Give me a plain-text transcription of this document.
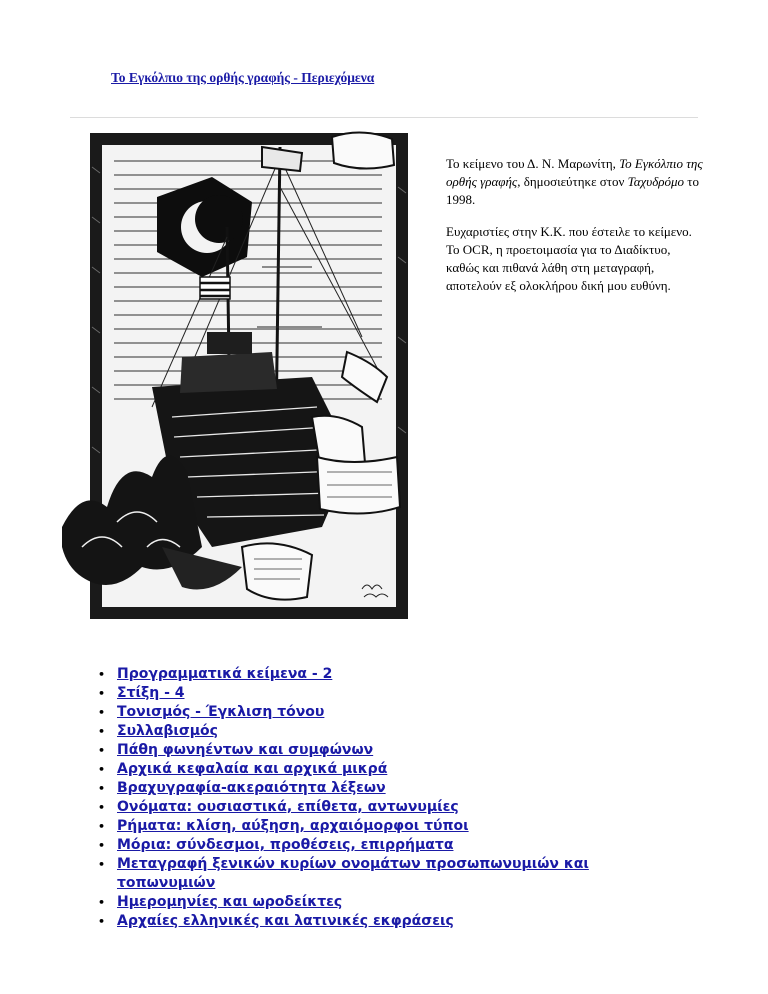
Το Εγκόλπιο της ορθής γραφής - Περιεχόμενα

Το κείμενο του Δ. Ν. Μαρωνίτη, Το Εγκόλπιο της ορθής γραφής, δημοσιεύτηκε στον Ταχυδρόμο το 1998.

Ευχαριστίες στην Κ.Κ. που έστειλε το κείμενο. Το OCR, η προετοιμασία για το Διαδίκτυο, καθώς και πιθανά λάθη στη μεταγραφή, αποτελούν εξ ολοκλήρου δική μου ευθύνη.

• Προγραμματικά κείμενα - 2
• Στίξη - 4
• Τονισμός - Έγκλιση τόνου
• Συλλαβισμός
• Πάθη φωνηέντων και συμφώνων
• Αρχικά κεφαλαία και αρχικά μικρά
• Βραχυγραφία-ακεραιότητα λέξεων
• Ονόματα: ουσιαστικά, επίθετα, αντωνυμίες
• Ρήματα: κλίση, αύξηση, αρχαιόμορφοι τύποι
• Μόρια: σύνδεσμοι, προθέσεις, επιρρήματα
• Μεταγραφή ξενικών κυρίων ονομάτων προσωπωνυμιών και τοπωνυμιών
• Ημερομηνίες και ωροδείκτες
• Αρχαίες ελληνικές και λατινικές εκφράσεις
